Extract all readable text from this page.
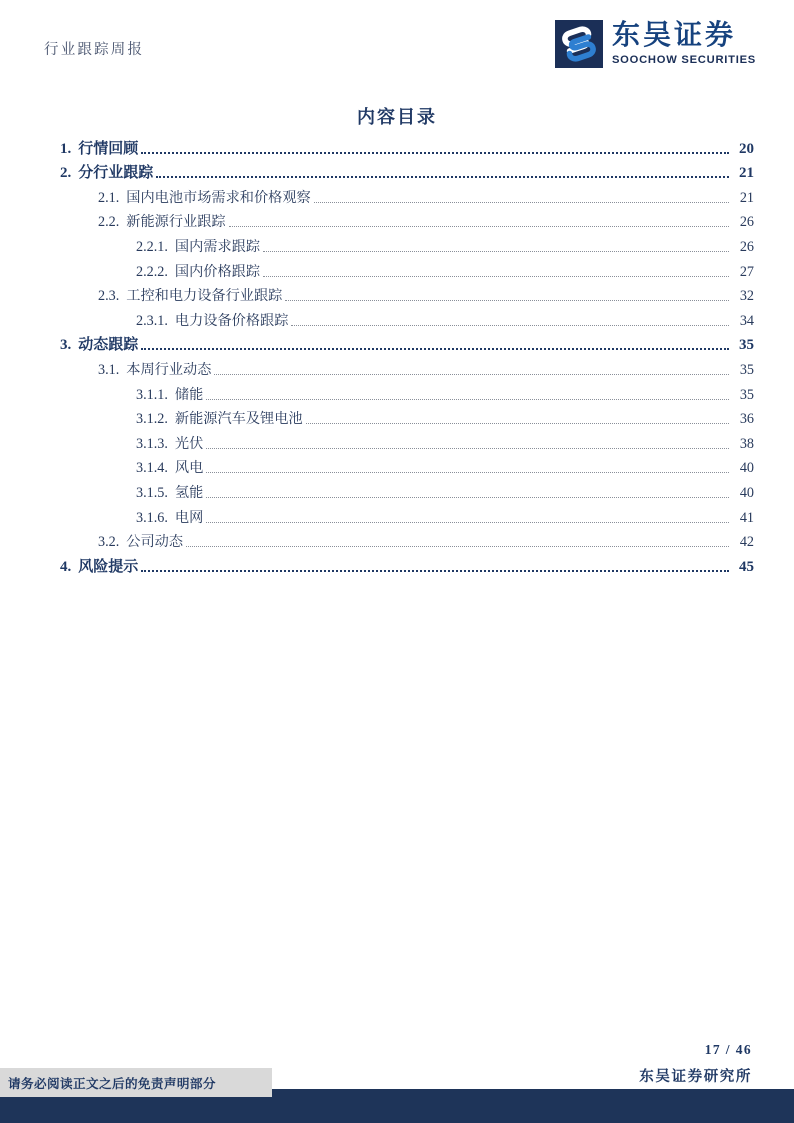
行业跟踪周报	东吴证券
SOOCHOW SECURITIES
内容目录
1. 行情回顾	20
2. 分行业跟踪	21
2.1. 国内电池市场需求和价格观察	21
2.2. 新能源行业跟踪	26
2.2.1. 国内需求跟踪	26
2.2.2. 国内价格跟踪	27
2.3. 工控和电力设备行业跟踪	32
2.3.1. 电力设备价格跟踪	34
3. 动态跟踪	35
3.1. 本周行业动态	35
3.1.1. 储能	35
3.1.2. 新能源汽车及锂电池	36
3.1.3. 光伏	38
3.1.4. 风电	40
3.1.5. 氢能	40
3.1.6. 电网	41
3.2. 公司动态	42
4. 风险提示	45
17 / 46
东吴证券研究所
请务必阅读正文之后的免责声明部分
